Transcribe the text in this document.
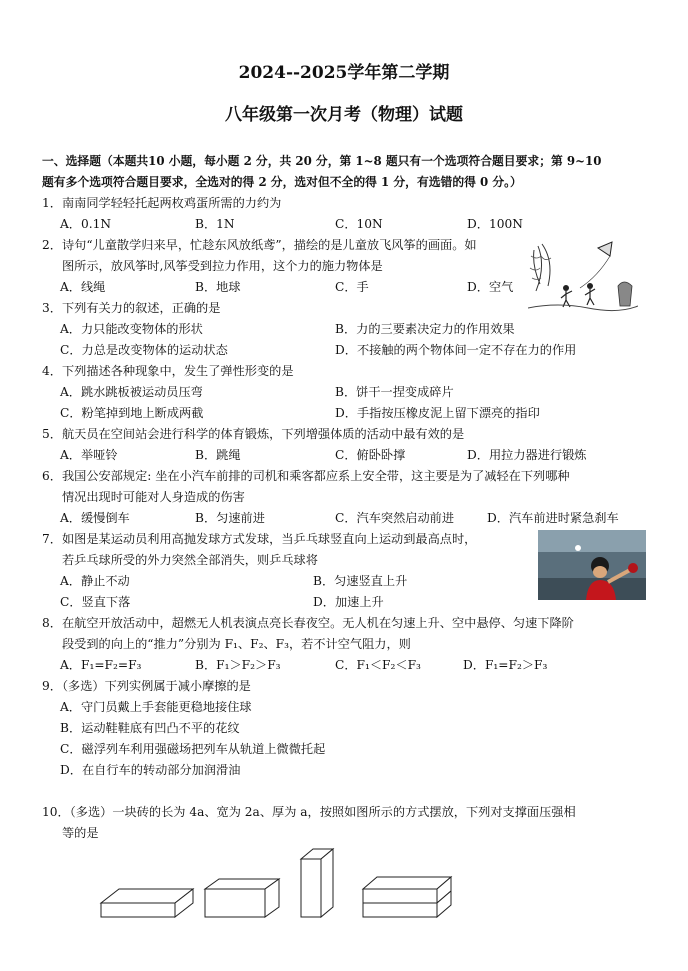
2024--2025学年第二学期
八年级第一次月考（物理）试题
一、选择题（本题共10 小题，每小题 2 分，共 20 分，第 1~8 题只有一个选项符合题目要求；第 9~10
题有多个选项符合题目要求，全选对的得 2 分，选对但不全的得 1 分，有选错的得 0 分。）
1．南南同学轻轻托起两枚鸡蛋所需的力约为
A．0.1N	B．1N	C．10N	D．100N
2．诗句“儿童散学归来早，忙趁东风放纸鸢”，描绘的是儿童放飞风筝的画面。如
图所示，放风筝时,风筝受到拉力作用，这个力的施力物体是
A．线绳	B．地球	C．手	D．空气
3．下列有关力的叙述，正确的是
A．力只能改变物体的形状	B．力的三要素决定力的作用效果
C．力总是改变物体的运动状态	D．不接触的两个物体间一定不存在力的作用
4．下列描述各种现象中，发生了弹性形变的是
A．跳水跳板被运动员压弯	B．饼干一捏变成碎片
C．粉笔掉到地上断成两截	D．手指按压橡皮泥上留下漂亮的指印
5．航天员在空间站会进行科学的体育锻炼，下列增强体质的活动中最有效的是
A．举哑铃	B．跳绳	C．俯卧卧撑	D．用拉力器进行锻炼
6．我国公安部规定: 坐在小汽车前排的司机和乘客都应系上安全带，这主要是为了减轻在下列哪种
情况出现时可能对人身造成的伤害
A．缓慢倒车	B．匀速前进	C．汽车突然启动前进	D．汽车前进时紧急刹车
7．如图是某运动员利用高抛发球方式发球，当乒乓球竖直向上运动到最高点时，
若乒乓球所受的外力突然全部消失，则乒乓球将
A．静止不动	B．匀速竖直上升
C．竖直下落	D．加速上升
8．在航空开放活动中，超燃无人机表演点亮长春夜空。无人机在匀速上升、空中悬停、匀速下降阶
段受到的向上的“推力”分别为 F₁、F₂、F₃，若不计空气阻力，则
A．F₁=F₂=F₃	B．F₁＞F₂＞F₃	C．F₁＜F₂＜F₃	D．F₁=F₂＞F₃
9．（多选）下列实例属于减小摩擦的是
A．守门员戴上手套能更稳地接住球
B．运动鞋鞋底有凹凸不平的花纹
C．磁浮列车利用强磁场把列车从轨道上微微托起
D．在自行车的转动部分加润滑油
10．（多选）一块砖的长为 4a、宽为 2a、厚为 a，按照如图所示的方式摆放，下列对支撑面压强相
等的是
